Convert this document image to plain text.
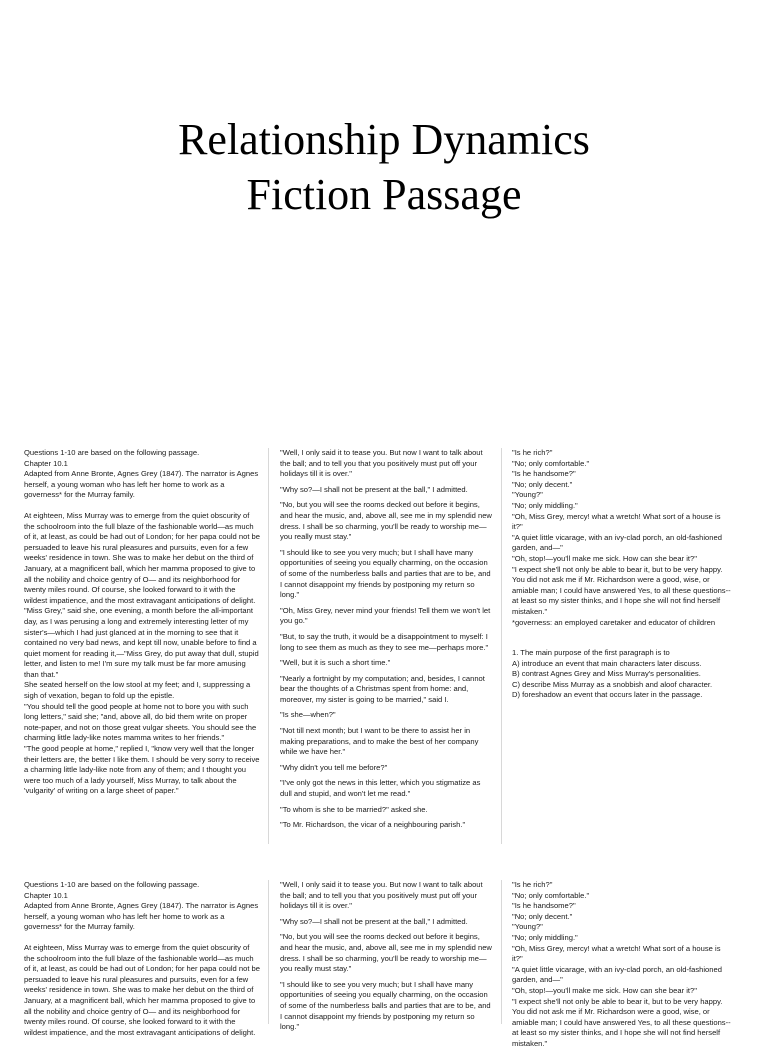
Relationship Dynamics
Fiction Passage

Questions 1-10 are based on the following passage.

Chapter 10.1

Adapted from Anne Bronte, Agnes Grey (1847). The narrator is Agnes herself, a young woman who has left her home to work as a governess* for the Murray family.

At eighteen, Miss Murray was to emerge from the quiet obscurity of the schoolroom into the full blaze of the fashionable world—as much of it, at least, as could be had out of London; for her papa could not be persuaded to leave his rural pleasures and pursuits, even for a few weeks' residence in town. She was to make her debut on the third of January, at a magnificent ball, which her mamma proposed to give to all the nobility and choice gentry of O— and its neighborhood for twenty miles round. Of course, she looked forward to it with the wildest impatience, and the most extravagant anticipations of delight.

"Miss Grey," said she, one evening, a month before the all-important day, as I was perusing a long and extremely interesting letter of my sister's—which I had just glanced at in the morning to see that it contained no very bad news, and kept till now, unable before to find a quiet moment for reading it,—"Miss Grey, do put away that dull, stupid letter, and listen to me! I'm sure my talk must be far more amusing than that."

She seated herself on the low stool at my feet; and I, suppressing a sigh of vexation, began to fold up the epistle.

"You should tell the good people at home not to bore you with such long letters," said she; "and, above all, do bid them write on proper note-paper, and not on those great vulgar sheets. You should see the charming little lady-like notes mamma writes to her friends."

"The good people at home," replied I, "know very well that the longer their letters are, the better I like them. I should be very sorry to receive a charming little lady-like note from any of them; and I thought you were too much of a lady yourself, Miss Murray, to talk about the 'vulgarity' of writing on a large sheet of paper."

"Well, I only said it to tease you. But now I want to talk about the ball; and to tell you that you positively must put off your holidays till it is over."

"Why so?—I shall not be present at the ball," I admitted.

"No, but you will see the rooms decked out before it begins, and hear the music, and, above all, see me in my splendid new dress. I shall be so charming, you'll be ready to worship me—you really must stay."

"I should like to see you very much; but I shall have many opportunities of seeing you equally charming, on the occasion of some of the numberless balls and parties that are to be, and I cannot disappoint my friends by postponing my return so long."

"Oh, Miss Grey, never mind your friends! Tell them we won't let you go."

"But, to say the truth, it would be a disappointment to myself: I long to see them as much as they to see me—perhaps more."

"Well, but it is such a short time."

"Nearly a fortnight by my computation; and, besides, I cannot bear the thoughts of a Christmas spent from home: and, moreover, my sister is going to be married," said I.

"Is she—when?"

"Not till next month; but I want to be there to assist her in making preparations, and to make the best of her company while we have her."

"Why didn't you tell me before?"

"I've only got the news in this letter, which you stigmatize as dull and stupid, and won't let me read."

"To whom is she to be married?" asked she.

"To Mr. Richardson, the vicar of a neighbouring parish."

"Is he rich?"

"No; only comfortable."

"Is he handsome?"

"No; only decent."

"Young?"

"No; only middling."

"Oh, Miss Grey, mercy! what a wretch! What sort of a house is it?"

"A quiet little vicarage, with an ivy-clad porch, an old-fashioned garden, and—"

"Oh, stop!—you'll make me sick. How can she bear it?"

"I expect she'll not only be able to bear it, but to be very happy. You did not ask me if Mr. Richardson were a good, wise, or amiable man; I could have answered Yes, to all these questions--at least so my sister thinks, and I hope she will not find herself mistaken."

*governess: an employed caretaker and educator of children

1. The main purpose of the first paragraph is to

A) introduce an event that main characters later discuss.

B) contrast Agnes Grey and Miss Murray's personalities.

C) describe Miss Murray as a snobbish and aloof character.

D) foreshadow an event that occurs later in the passage.

Questions 1-10 are based on the following passage.

Chapter 10.1

Adapted from Anne Bronte, Agnes Grey (1847). The narrator is Agnes herself, a young woman who has left her home to work as a governess* for the Murray family.

At eighteen, Miss Murray was to emerge from the quiet obscurity of the schoolroom into the full blaze of the fashionable world—as much of it, at least, as could be had out of London; for her papa could not be persuaded to leave his rural pleasures and pursuits, even for a few weeks' residence in town. She was to make her debut on the third of January, at a magnificent ball, which her mamma proposed to give to all the nobility and choice gentry of O— and its neighborhood for twenty miles round. Of course, she looked forward to it with the wildest impatience, and the most extravagant anticipations of delight.

"Well, I only said it to tease you. But now I want to talk about the ball; and to tell you that you positively must put off your holidays till it is over."

"Why so?—I shall not be present at the ball," I admitted.

"No, but you will see the rooms decked out before it begins, and hear the music, and, above all, see me in my splendid new dress. I shall be so charming, you'll be ready to worship me—you really must stay."

"I should like to see you very much; but I shall have many opportunities of seeing you equally charming, on the occasion of some of the numberless balls and parties that are to be, and I cannot disappoint my friends by postponing my return so long."

"Is he rich?"

"No; only comfortable."

"Is he handsome?"

"No; only decent."

"Young?"

"No; only middling."

"Oh, Miss Grey, mercy! what a wretch! What sort of a house is it?"

"A quiet little vicarage, with an ivy-clad porch, an old-fashioned garden, and—"

"Oh, stop!—you'll make me sick. How can she bear it?"

"I expect she'll not only be able to bear it, but to be very happy. You did not ask me if Mr. Richardson were a good, wise, or amiable man; I could have answered Yes, to all these questions--at least so my sister thinks, and I hope she will not find herself mistaken."
